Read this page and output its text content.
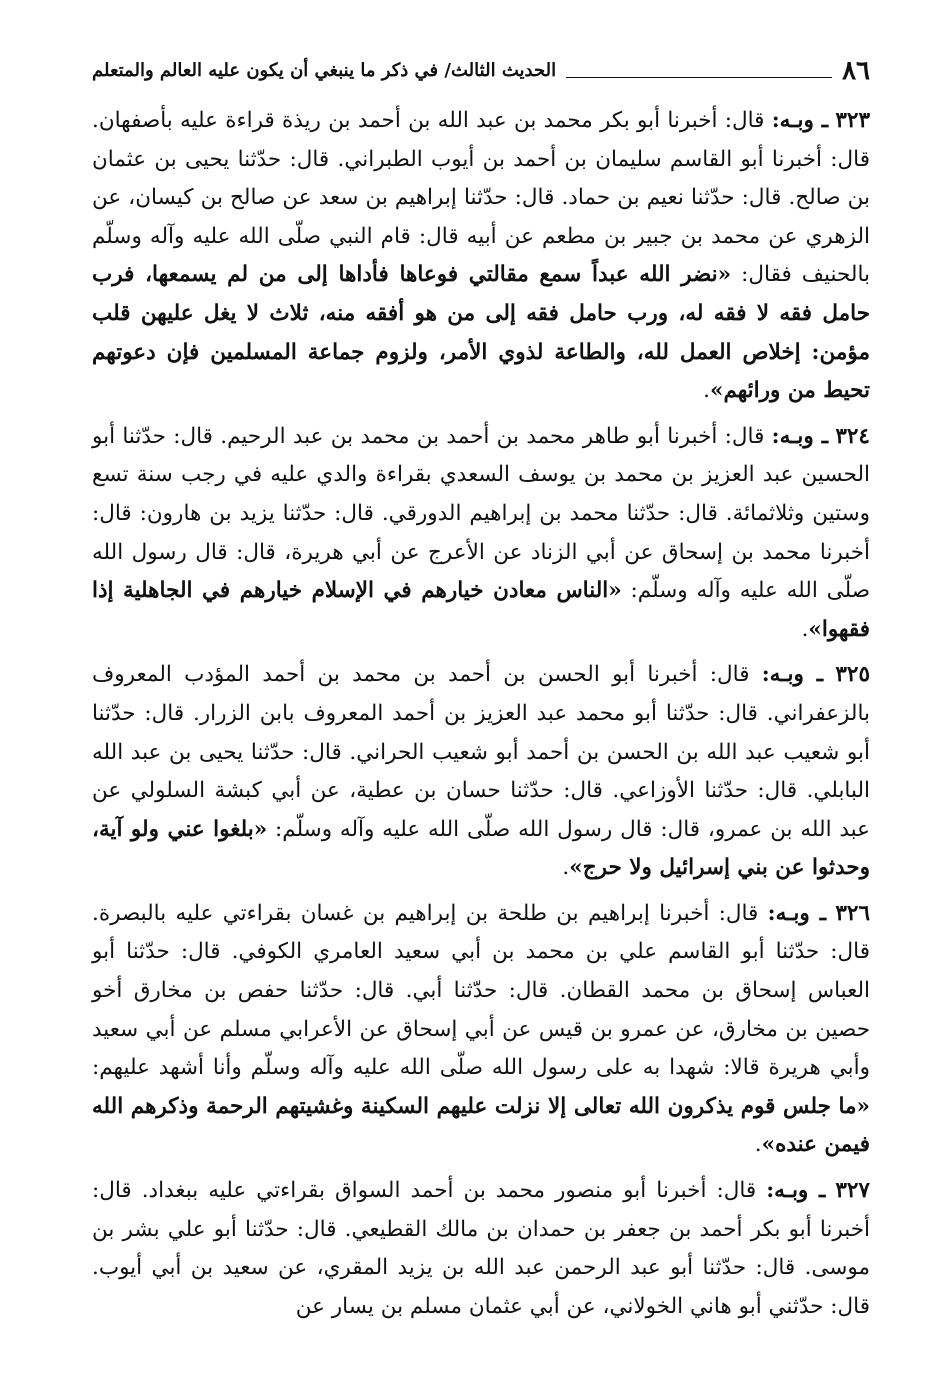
٨٦
الحديث الثالث/ في ذكر ما ينبغي أن يكون عليه العالم والمتعلم

٣٢٣ ـ وبـه: قال: أخبرنا أبو بكر محمد بن عبد الله بن أحمد بن ريذة قراءة عليه بأصفهان. قال: أخبرنا أبو القاسم سليمان بن أحمد بن أيوب الطبراني. قال: حدّثنا يحيى بن عثمان بن صالح. قال: حدّثنا نعيم بن حماد. قال: حدّثنا إبراهيم بن سعد عن صالح بن كيسان، عن الزهري عن محمد بن جبير بن مطعم عن أبيه قال: قام النبي صلّى الله عليه وآله وسلّم بالحنيف فقال: «نضر الله عبداً سمع مقالتي فوعاها فأداها إلى من لم يسمعها، فرب حامل فقه لا فقه له، ورب حامل فقه إلى من هو أفقه منه، ثلاث لا يغل عليهن قلب مؤمن: إخلاص العمل لله، والطاعة لذوي الأمر، ولزوم جماعة المسلمين فإن دعوتهم تحيط من ورائهم».

٣٢٤ ـ وبـه: قال: أخبرنا أبو طاهر محمد بن أحمد بن محمد بن عبد الرحيم. قال: حدّثنا أبو الحسين عبد العزيز بن محمد بن يوسف السعدي بقراءة والدي عليه في رجب سنة تسع وستين وثلاثمائة. قال: حدّثنا محمد بن إبراهيم الدورقي. قال: حدّثنا يزيد بن هارون: قال: أخبرنا محمد بن إسحاق عن أبي الزناد عن الأعرج عن أبي هريرة، قال: قال رسول الله صلّى الله عليه وآله وسلّم: «الناس معادن خيارهم في الإسلام خيارهم في الجاهلية إذا فقهوا».

٣٢٥ ـ وبـه: قال: أخبرنا أبو الحسن بن أحمد بن محمد بن أحمد المؤدب المعروف بالزعفراني. قال: حدّثنا أبو محمد عبد العزيز بن أحمد المعروف بابن الزرار. قال: حدّثنا أبو شعيب عبد الله بن الحسن بن أحمد أبو شعيب الحراني. قال: حدّثنا يحيى بن عبد الله البابلي. قال: حدّثنا الأوزاعي. قال: حدّثنا حسان بن عطية، عن أبي كبشة السلولي عن عبد الله بن عمرو، قال: قال رسول الله صلّى الله عليه وآله وسلّم: «بلغوا عني ولو آية، وحدثوا عن بني إسرائيل ولا حرج».

٣٢٦ ـ وبـه: قال: أخبرنا إبراهيم بن طلحة بن إبراهيم بن غسان بقراءتي عليه بالبصرة. قال: حدّثنا أبو القاسم علي بن محمد بن أبي سعيد العامري الكوفي. قال: حدّثنا أبو العباس إسحاق بن محمد القطان. قال: حدّثنا أبي. قال: حدّثنا حفص بن مخارق أخو حصين بن مخارق، عن عمرو بن قيس عن أبي إسحاق عن الأعرابي مسلم عن أبي سعيد وأبي هريرة قالا: شهدا به على رسول الله صلّى الله عليه وآله وسلّم وأنا أشهد عليهم: «ما جلس قوم يذكرون الله تعالى إلا نزلت عليهم السكينة وغشيتهم الرحمة وذكرهم الله فيمن عنده».

٣٢٧ ـ وبـه: قال: أخبرنا أبو منصور محمد بن أحمد السواق بقراءتي عليه ببغداد. قال: أخبرنا أبو بكر أحمد بن جعفر بن حمدان بن مالك القطيعي. قال: حدّثنا أبو علي بشر بن موسى. قال: حدّثنا أبو عبد الرحمن عبد الله بن يزيد المقري، عن سعيد بن أبي أيوب. قال: حدّثني أبو هاني الخولاني، عن أبي عثمان مسلم بن يسار عن
